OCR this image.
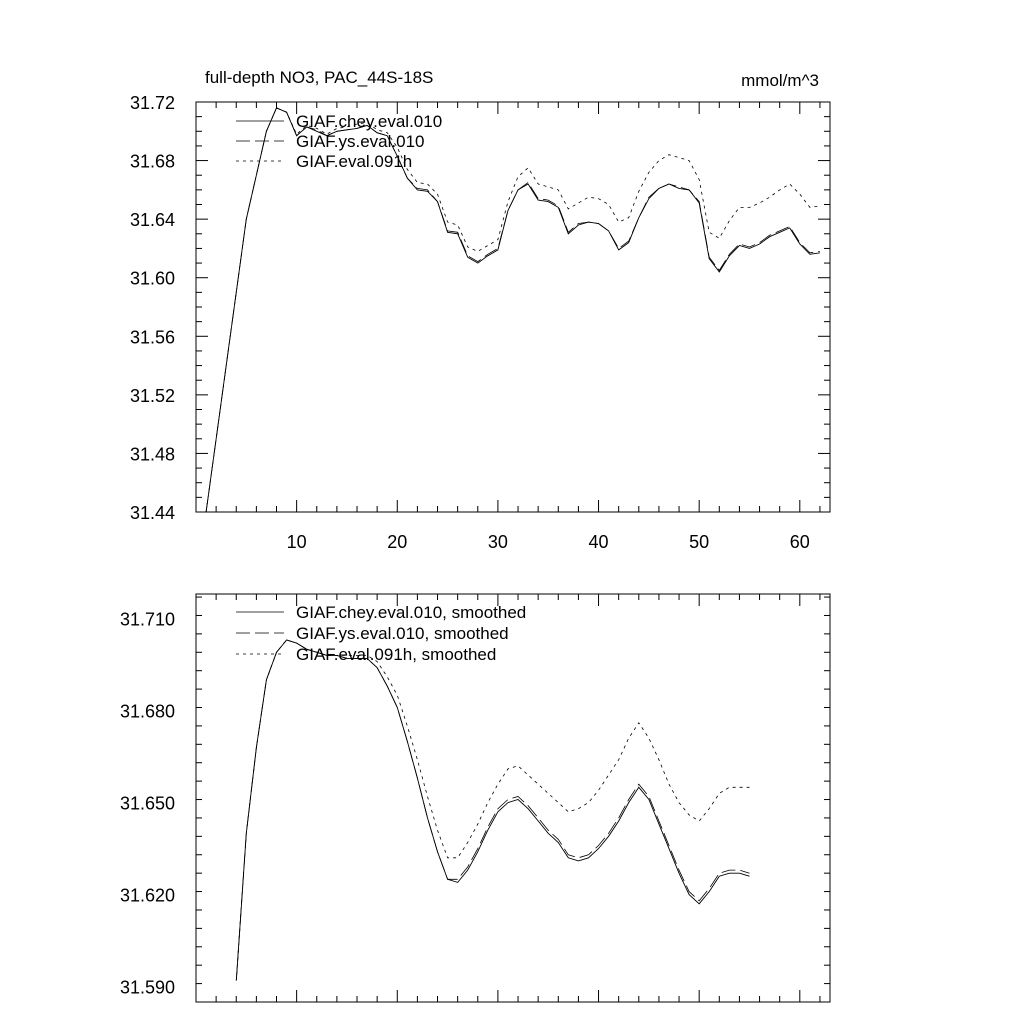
full-depth NO3, PAC_44S-18S	mmol/m^3
10	20	30	40	50	60
31.44
31.48
31.52
31.56
31.60
31.64
31.68
31.72
GIAF.chey.eval.010
GIAF.ys.eval.010
GIAF.eval.091h
31.590
31.620
31.650
31.680
31.710	GIAF.chey.eval.010, smoothed
GIAF.ys.eval.010, smoothed
GIAF.eval.091h, smoothed
